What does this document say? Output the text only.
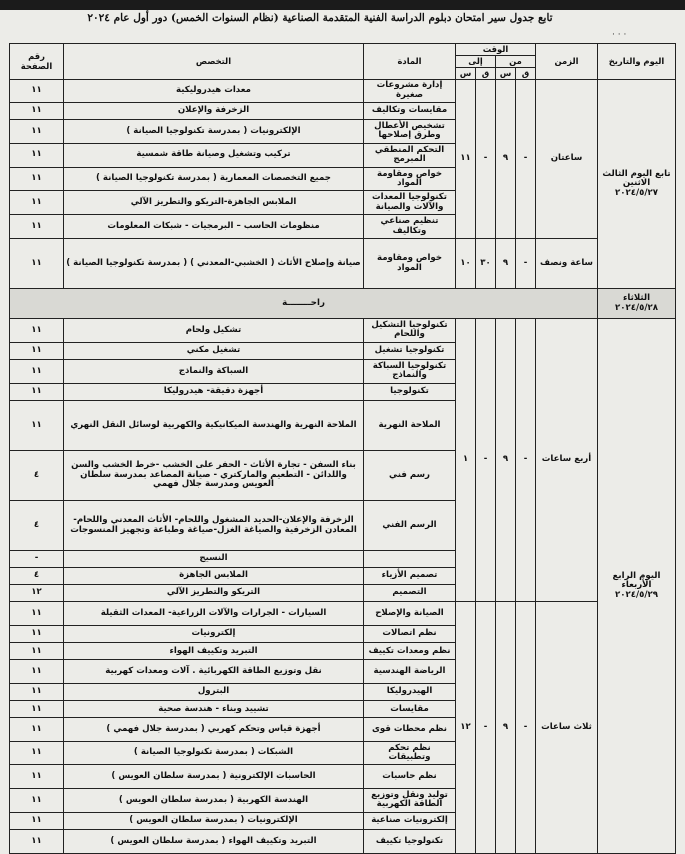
تابع جدول سير امتحان دبلوم الدراسة الفنية المتقدمة الصناعية (نظام السنوات الخمس) دور أول عام ٢٠٢٤
· · ·
اليوم والتاريخ	الزمن	الوقت				المادة	التخصص	رقم الصفحة
		من		إلى				
		ق	س	ق	س			
تابع اليوم الثالث الاثنين ٢٠٢٤/٥/٢٧	ساعتان	-	٩	-	١١	إدارة مشروعات صغيرة	معدات هيدروليكية	١١
						مقايسات وتكاليف	الزخرفة والإعلان	١١
						تشخيص الأعطال وطرق إصلاحها	الإلكترونيات ( بمدرسة تكنولوجيا الصيانة )	١١
						التحكم المنطقي المبرمج	تركيب وتشغيل وصيانة طاقة شمسية	١١
						خواص ومقاومة المواد	جميع التخصصات المعمارية ( بمدرسة تكنولوجيا الصيانة )	١١
						تكنولوجيا المعدات والآلات والصيانة	الملابس الجاهزة-التريكو والتطريز الآلي	١١
						تنظيم صناعي وتكاليف	منظومات الحاسب – البرمجيات - شبكات المعلومات	١١
	ساعة ونصف	-	٩	٣٠	١٠	خواص ومقاومة المواد	صيانة وإصلاح الأثاث ( الخشبي-المعدني ) ( بمدرسة تكنولوجيا الصيانة )	١١
الثلاثاء ٢٠٢٤/٥/٢٨	راحــــــــة							
اليوم الرابع الأربعاء ٢٠٢٤/٥/٢٩	أربع ساعات	-	٩	-	١	تكنولوجيا التشكيل واللحام	تشكيل ولحام	١١
						تكنولوجيا تشغيل	تشغيل مكني	١١
						تكنولوجيا السباكة والنماذج	السباكة والنماذج	١١
						تكنولوجيا	أجهزة دقيقة- هيدروليكا	١١
						الملاحة النهرية	الملاحة النهرية والهندسة الميكانيكية والكهربية لوسائل النقل النهري	١١
						رسم فني	بناء السفن - تجارة الأثاث - الحفر على الخشب -خرط الخشب والسن واللدائن - التطعيم والماركتري - صيانة المصاعد بمدرسة سلطان العويس ومدرسة جلال فهمي	٤
						الرسم الفني	الزخرفة والإعلان-الحديد المشغول واللحام- الأثاث المعدني واللحام- المعادن الزخرفية والصياغة الغزل-صياغة وطباعة وتجهيز المنسوجات	٤
							النسيج	-
						تصميم الأزياء	الملابس الجاهزة	٤
						التصميم	التريكو والتطريز الآلي	١٢
	ثلاث ساعات	-	٩	-	١٢	الصيانة والإصلاح	السيارات - الجرارات والآلات الزراعية- المعدات الثقيلة	١١
						نظم اتصالات	إلكترونيات	١١
						نظم ومعدات تكييف	التبريد وتكييف الهواء	١١
						الرياضة الهندسية	نقل وتوزيع الطاقة الكهربائية . آلات ومعدات كهربية	١١
						الهيدروليكا	البترول	١١
						مقايسات	تشييد وبناء - هندسة صحية	١١
						نظم محطات قوى	أجهزة قياس وتحكم كهربي ( بمدرسة جلال فهمي )	١١
						نظم تحكم وتطبيقات	الشبكات ( بمدرسة تكنولوجيا الصيانة )	١١
						نظم حاسبات	الحاسبات الإلكترونية ( بمدرسة سلطان العويس )	١١
						توليد ونقل وتوزيع الطاقة الكهربية	الهندسة الكهربية ( بمدرسة سلطان العويس )	١١
						إلكترونيات صناعية	الإلكترونيات ( بمدرسة سلطان العويس )	١١
						تكنولوجيا تكييف	التبريد وتكييف الهواء ( بمدرسة سلطان العويس )	١١
